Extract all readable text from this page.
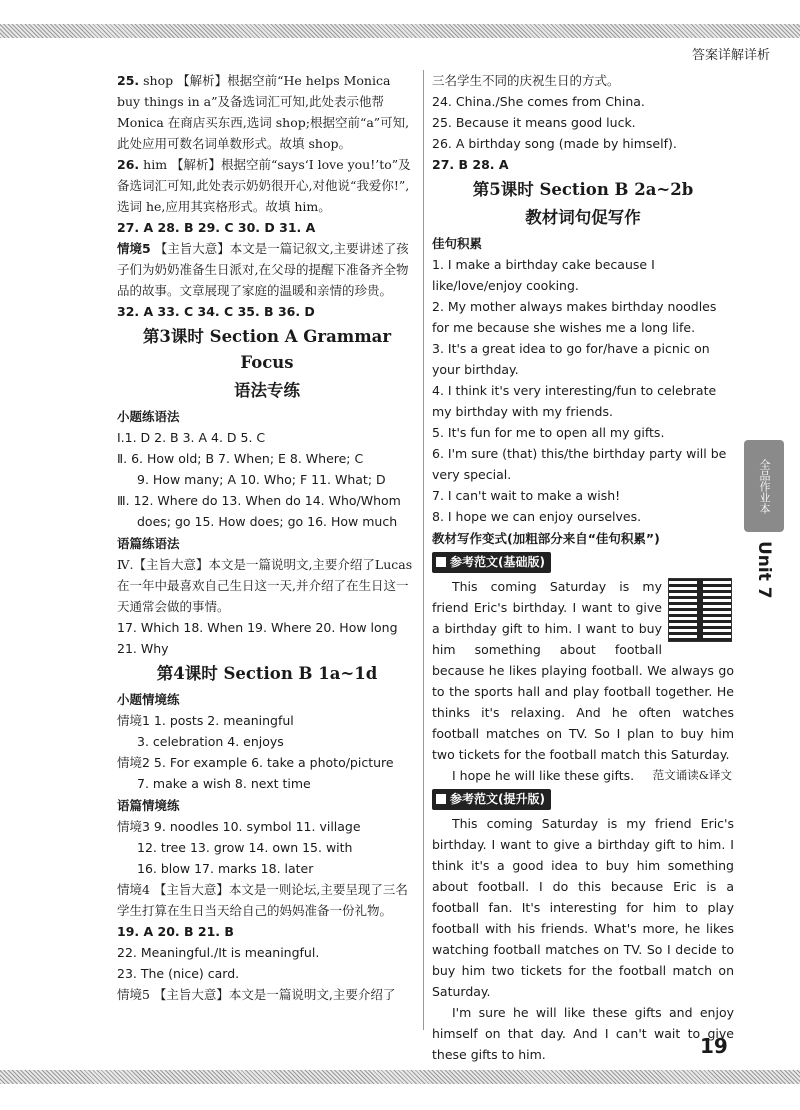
答案详解详析

25. shop 【解析】根据空前“He helps Monica buy things in a”及备选词汇可知,此处表示他帮 Monica 在商店买东西,选词 shop;根据空前“a”可知,此处应用可数名词单数形式。故填 shop。

26. him 【解析】根据空前“says‘I love you!’to”及备选词汇可知,此处表示奶奶很开心,对他说“我爱你!”,选词 he,应用其宾格形式。故填 him。

27. A 28. B 29. C 30. D 31. A

情境5 【主旨大意】本文是一篇记叙文,主要讲述了孩子们为奶奶准备生日派对,在父母的提醒下准备齐全物品的故事。文章展现了家庭的温暖和亲情的珍贵。

32. A 33. C 34. C 35. B 36. D

第3课时 Section A Grammar Focus
语法专练
小题练语法

Ⅰ.1. D 2. B 3. A 4. D 5. C

Ⅱ. 6. How old; B 7. When; E 8. Where; C

9. How many; A 10. Who; F 11. What; D

Ⅲ. 12. Where do 13. When do 14. Who/Whom

does; go 15. How does; go 16. How much

语篇练语法

Ⅳ.【主旨大意】本文是一篇说明文,主要介绍了Lucas在一年中最喜欢自己生日这一天,并介绍了在生日这一天通常会做的事情。

17. Which 18. When 19. Where 20. How long

21. Why

第4课时 Section B 1a~1d
小题情境练

情境1 1. posts 2. meaningful

3. celebration 4. enjoys

情境2 5. For example 6. take a photo/picture

7. make a wish 8. next time

语篇情境练

情境3 9. noodles 10. symbol 11. village

12. tree 13. grow 14. own 15. with

16. blow 17. marks 18. later

情境4 【主旨大意】本文是一则论坛,主要呈现了三名学生打算在生日当天给自己的妈妈准备一份礼物。

19. A 20. B 21. B

22. Meaningful./It is meaningful.

23. The (nice) card.

情境5 【主旨大意】本文是一篇说明文,主要介绍了

三名学生不同的庆祝生日的方式。

24. China./She comes from China.

25. Because it means good luck.

26. A birthday song (made by himself).

27. B 28. A

第5课时 Section B 2a~2b
教材词句促写作
佳句积累

1. I make a birthday cake because I like/love/enjoy cooking.

2. My mother always makes birthday noodles for me because she wishes me a long life.

3. It's a great idea to go for/have a picnic on your birthday.

4. I think it's very interesting/fun to celebrate my birthday with my friends.

5. It's fun for me to open all my gifts.

6. I'm sure (that) this/the birthday party will be very special.

7. I can't wait to make a wish!

8. I hope we can enjoy ourselves.

教材写作变式(加粗部分来自“佳句积累”)
参考范文(基础版)

This coming Saturday is my friend Eric's birthday. I want to give a birthday gift to him. I want to buy him something about football because he likes playing football. We always go to the sports hall and play football together. He thinks it's relaxing. And he often watches football matches on TV. So I plan to buy him two tickets for the football match this Saturday.

范文诵读&译文

I hope he will like these gifts.

参考范文(提升版)

This coming Saturday is my friend Eric's birthday. I want to give a birthday gift to him. I think it's a good idea to buy him something about football. I do this because Eric is a football fan. It's interesting for him to play football with his friends. What's more, he likes watching football matches on TV. So I decide to buy him two tickets for the football match on Saturday.

I'm sure he will like these gifts and enjoy himself on that day. And I can't wait to give these gifts to him.

全品作业本
Unit 7
19
